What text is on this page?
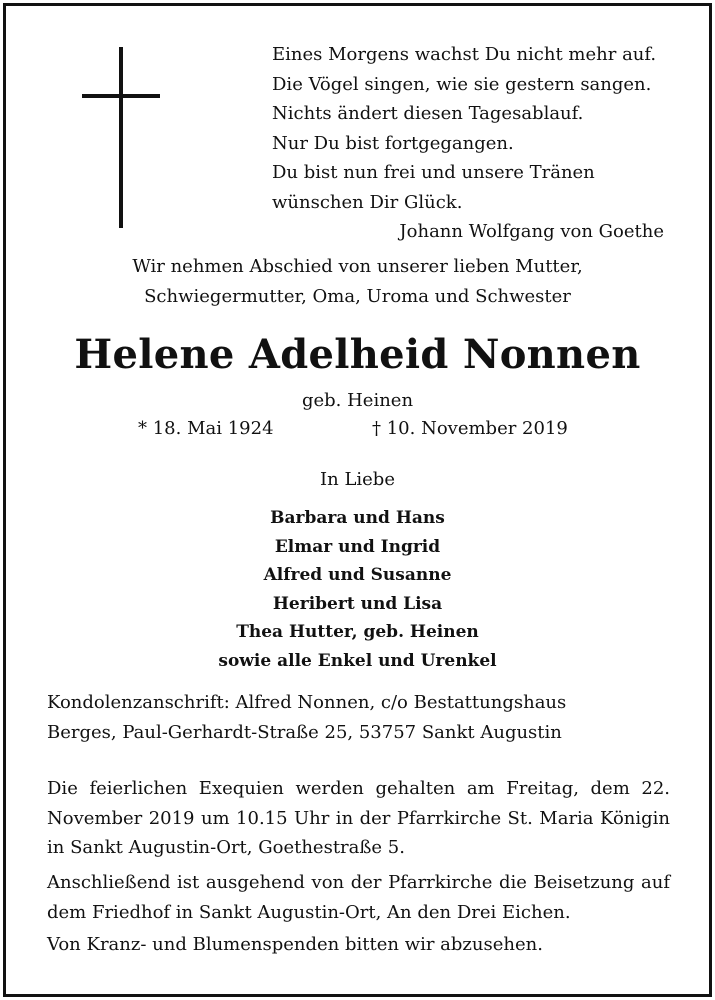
Eines Morgens wachst Du nicht mehr auf.
Die Vögel singen, wie sie gestern sangen.
Nichts ändert diesen Tagesablauf.
Nur Du bist fortgegangen.
Du bist nun frei und unsere Tränen
wünschen Dir Glück.
Johann Wolfgang von Goethe
Wir nehmen Abschied von unserer lieben Mutter,
Schwiegermutter, Oma, Uroma und Schwester
Helene Adelheid Nonnen
geb. Heinen
* 18. Mai 1924	† 10. November 2019
In Liebe
Barbara und Hans
Elmar und Ingrid
Alfred und Susanne
Heribert und Lisa
Thea Hutter, geb. Heinen
sowie alle Enkel und Urenkel
Kondolenzanschrift: Alfred Nonnen, c/o Bestattungshaus
Berges, Paul-Gerhardt-Straße 25, 53757 Sankt Augustin
Die feierlichen Exequien werden gehalten am Freitag, dem 22. November 2019 um 10.15 Uhr in der Pfarrkirche St. Maria Königin in Sankt Augustin-Ort, Goethestraße 5.
Anschließend ist ausgehend von der Pfarrkirche die Beisetzung auf dem Friedhof in Sankt Augustin-Ort, An den Drei Eichen.
Von Kranz- und Blumenspenden bitten wir abzusehen.
